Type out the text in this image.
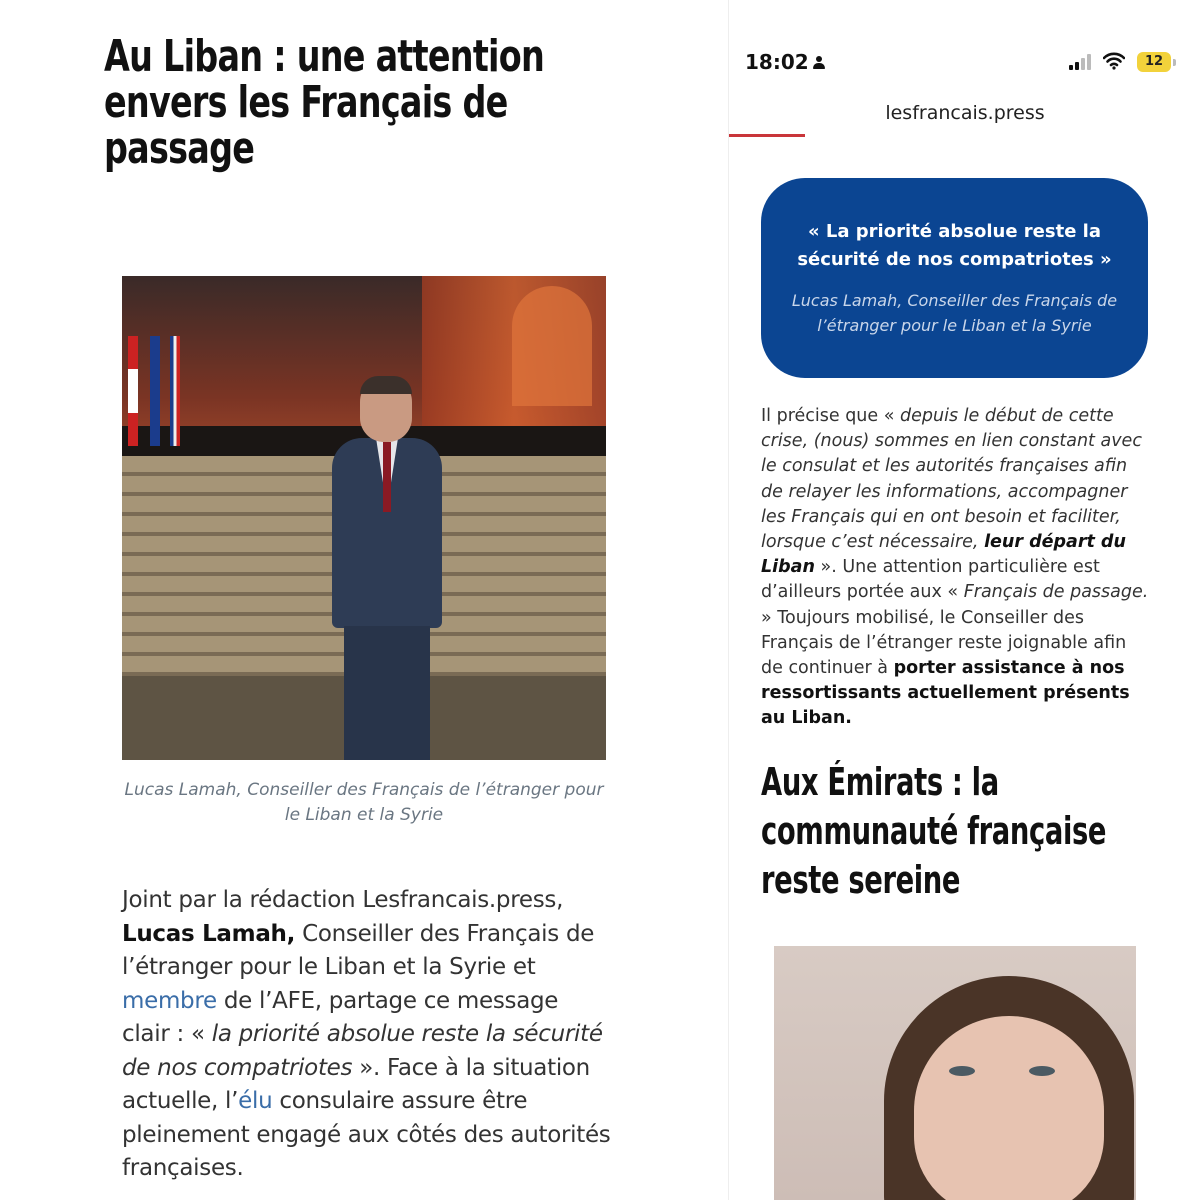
Au Liban : une attention envers les Français de passage

Lucas Lamah, Conseiller des Français de l’étranger pour le Liban et la Syrie

Joint par la rédaction Lesfrancais.press, Lucas Lamah, Conseiller des Français de l’étranger pour le Liban et la Syrie et membre de l’AFE, partage ce message clair : « la priorité absolue reste la sécurité de nos compatriotes ». Face à la situation actuelle, l’élu consulaire assure être pleinement engagé aux côtés des autorités françaises.

18:02	12
lesfrancais.press

« La priorité absolue reste la sécurité de nos compatriotes »

Lucas Lamah, Conseiller des Français de l’étranger pour le Liban et la Syrie

Il précise que « depuis le début de cette crise, (nous) sommes en lien constant avec le consulat et les autorités françaises afin de relayer les informations, accompagner les Français qui en ont besoin et faciliter, lorsque c’est nécessaire, leur départ du Liban ». Une attention particulière est d’ailleurs portée aux « Français de passage. » Toujours mobilisé, le Conseiller des Français de l’étranger reste joignable afin de continuer à porter assistance à nos ressortissants actuellement présents au Liban.

Aux Émirats : la communauté française reste sereine
